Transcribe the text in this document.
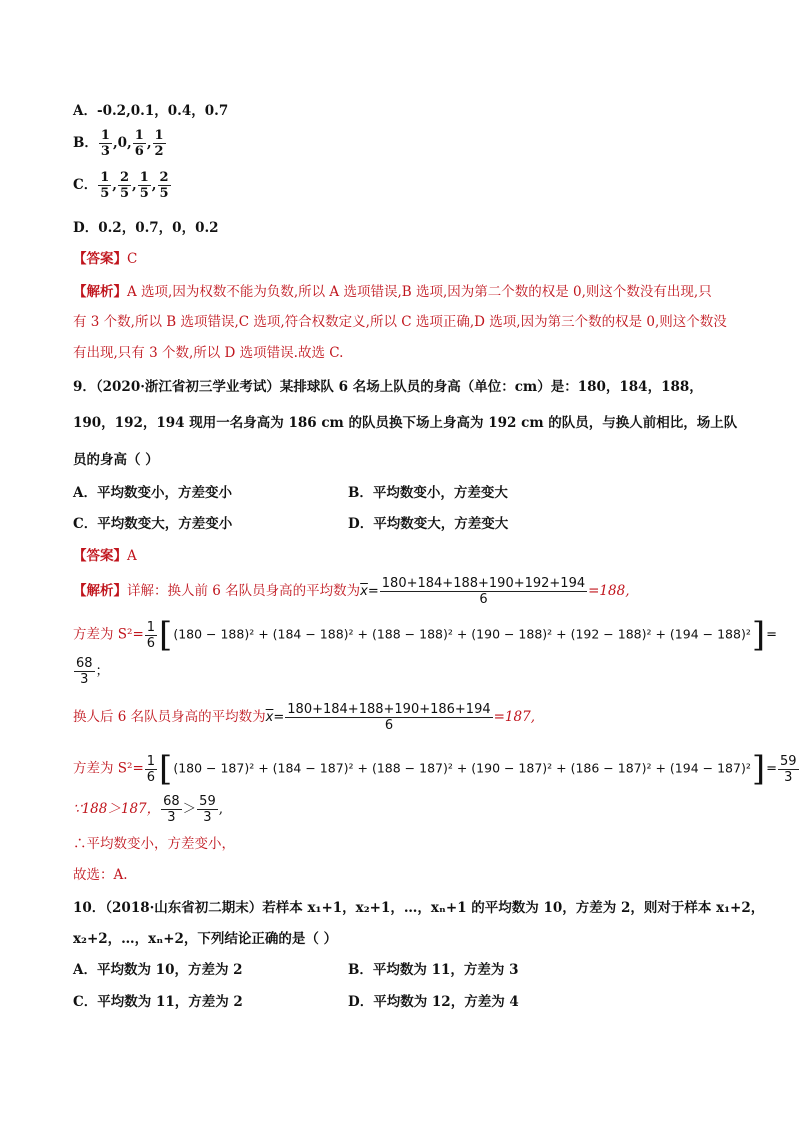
A．-0.2,0.1，0.4，0.7
B． $\frac{1}{3} ,0$, $\frac{1}{6}$ , $\frac{1}{2}$
C． $\frac{1}{5}$ , $\frac{2}{5}$ , $\frac{1}{5}$ , $\frac{2}{5}$
D．0.2，0.7，0，0.2
【答案】C
【解析】A 选项,因为权数不能为负数,所以 A 选项错误,B 选项,因为第二个数的权是 0,则这个数没有出现,只
有 3 个数,所以 B 选项错误,C 选项,符合权数定义,所以 C 选项正确,D 选项,因为第三个数的权是 0,则这个数没
有出现,只有 3 个数,所以 D 选项错误.故选 C.
9．（2020·浙江省初三学业考试）某排球队 6 名场上队员的身高（单位：cm）是：180，184，188，
190，192，194 现用一名身高为 186 cm 的队员换下场上身高为 192 cm 的队员，与换人前相比，场上队
员的身高（ ）
A．平均数变小，方差变小	B．平均数变小，方差变大
C．平均数变大，方差变小	D．平均数变大，方差变大
【答案】A
【解析】详解：换人前 6 名队员身高的平均数为$\overline{x}= \frac{180+184+188+190+192+194}{6} =188$,
方差为 $S^2= \frac{1}{6} [(180 - 188)^2 + (184 - 188)^2 + (188 - 188)^2 + (190 - 188)^2 + (192 - 188)^2 + (194 - 188)^2]=$
$\frac{68}{3}$ ；
换人后 6 名队员身高的平均数为$\overline{x}= \frac{180+184+188+190+186+194}{6} =187$,
方差为 $S^2= \frac{1}{6} [(180 - 187)^2 + (184 - 187)^2 + (188 - 187)^2 + (190 - 187)^2 + (186 - 187)^2 + (194 - 187)^2]= \frac{59}{3}$
∵188＞187， $\frac{68}{3} > \frac{59}{3}$ ,
∴平均数变小，方差变小，
故选：A.
10．（2018·山东省初二期末）若样本 x₁+1，x₂+1，…，xₙ+1 的平均数为 10，方差为 2，则对于样本 x₁+2，
x₂+2，…，xₙ+2，下列结论正确的是（ ）
A．平均数为 10，方差为 2	B．平均数为 11，方差为 3
C．平均数为 11，方差为 2	D．平均数为 12，方差为 4
